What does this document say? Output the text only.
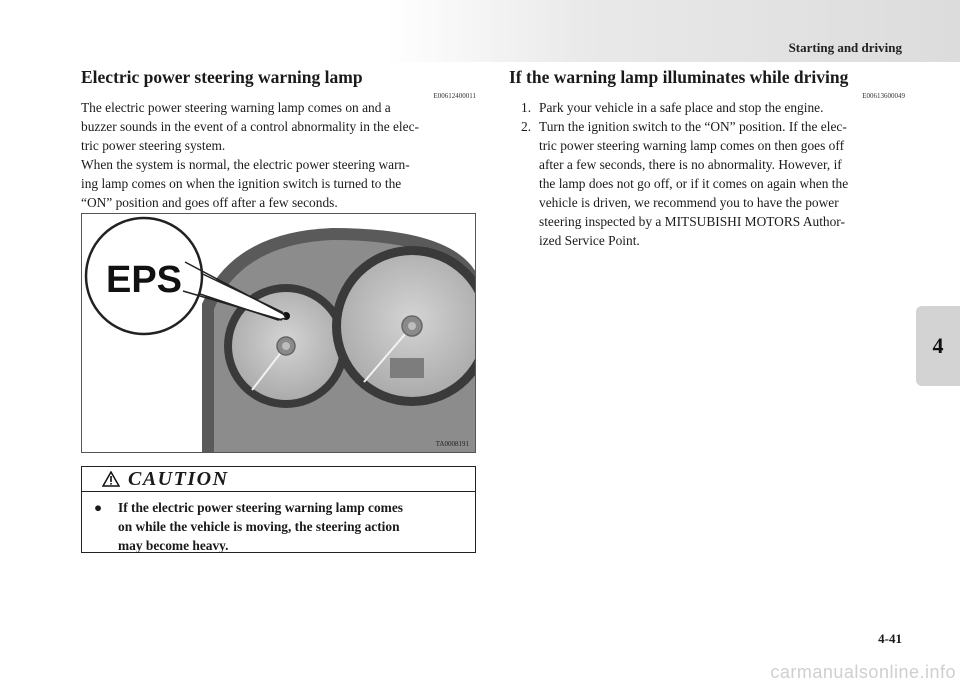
Starting and driving
4
Electric power steering warning lamp
E00612400011
The electric power steering warning lamp comes on and a
buzzer sounds in the event of a control abnormality in the elec-
tric power steering system.
When the system is normal, the electric power steering warn-
ing lamp comes on when the ignition switch is turned to the
“ON” position and goes off after a few seconds.
EPS
TA0008191
CAUTION
● If the electric power steering warning lamp comes
on while the vehicle is moving, the steering action
may become heavy.
If the warning lamp illuminates while driving
E00613600049
1. Park your vehicle in a safe place and stop the engine.
2. Turn the ignition switch to the “ON” position. If the elec-
tric power steering warning lamp comes on then goes off
after a few seconds, there is no abnormality. However, if
the lamp does not go off, or if it comes on again when the
vehicle is driven, we recommend you to have the power
steering inspected by a MITSUBISHI MOTORS Author-
ized Service Point.
4-41
carmanualsonline.info
